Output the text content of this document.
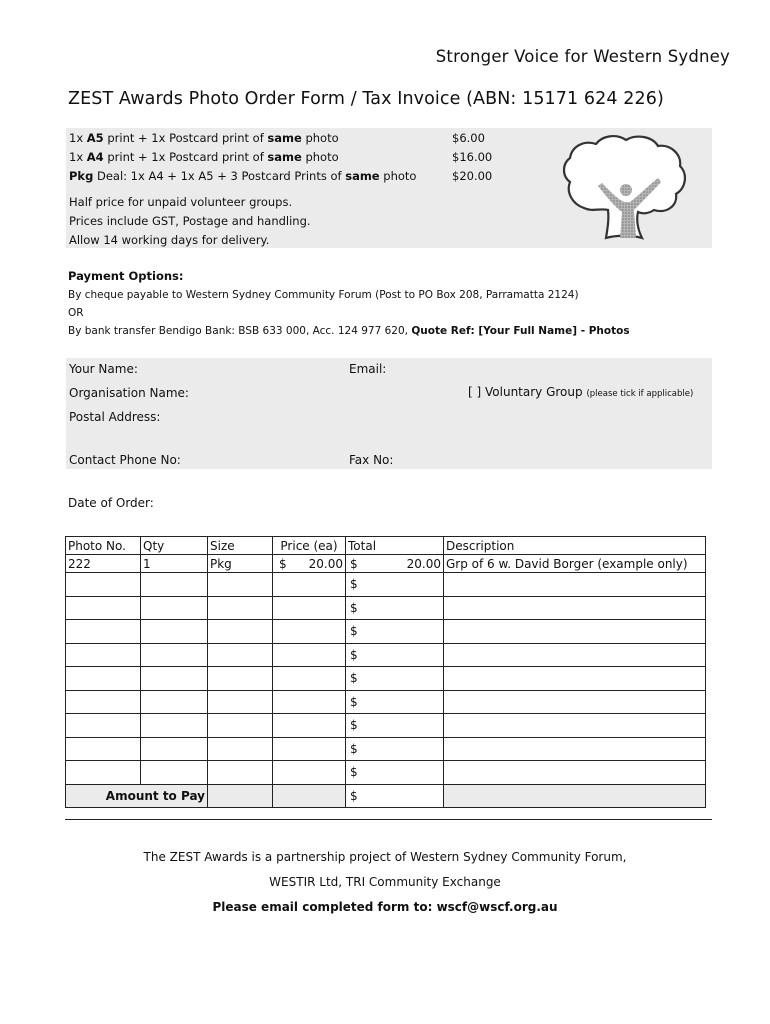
Stronger Voice for Western Sydney
ZEST Awards Photo Order Form / Tax Invoice (ABN: 15171 624 226)
1x A5 print + 1x Postcard print of same photo	$6.00
1x A4 print + 1x Postcard print of same photo	$16.00
Pkg Deal: 1x A4 + 1x A5 + 3 Postcard Prints of same photo	$20.00
Half price for unpaid volunteer groups.
Prices include GST, Postage and handling.
Allow 14 working days for delivery.
Payment Options:
By cheque payable to Western Sydney Community Forum (Post to PO Box 208, Parramatta 2124)
OR
By bank transfer Bendigo Bank: BSB 633 000, Acc. 124 977 620, Quote Ref: [Your Full Name] - Photos
Your Name:	Email:
Organisation Name:	[ ] Voluntary Group (please tick if applicable)
Postal Address:
Contact Phone No:	Fax No:
Date of Order:
Photo No.	Qty	Size	Price (ea)	Total	Description
222	1	Pkg	$ 20.00	$ 20.00	Grp of 6 w. David Borger (example only)
				$	
				$	
				$	
				$	
				$	
				$	
				$	
				$	
				$	
Amount to Pay				$	
The ZEST Awards is a partnership project of Western Sydney Community Forum,
WESTIR Ltd, TRI Community Exchange
Please email completed form to: wscf@wscf.org.au
